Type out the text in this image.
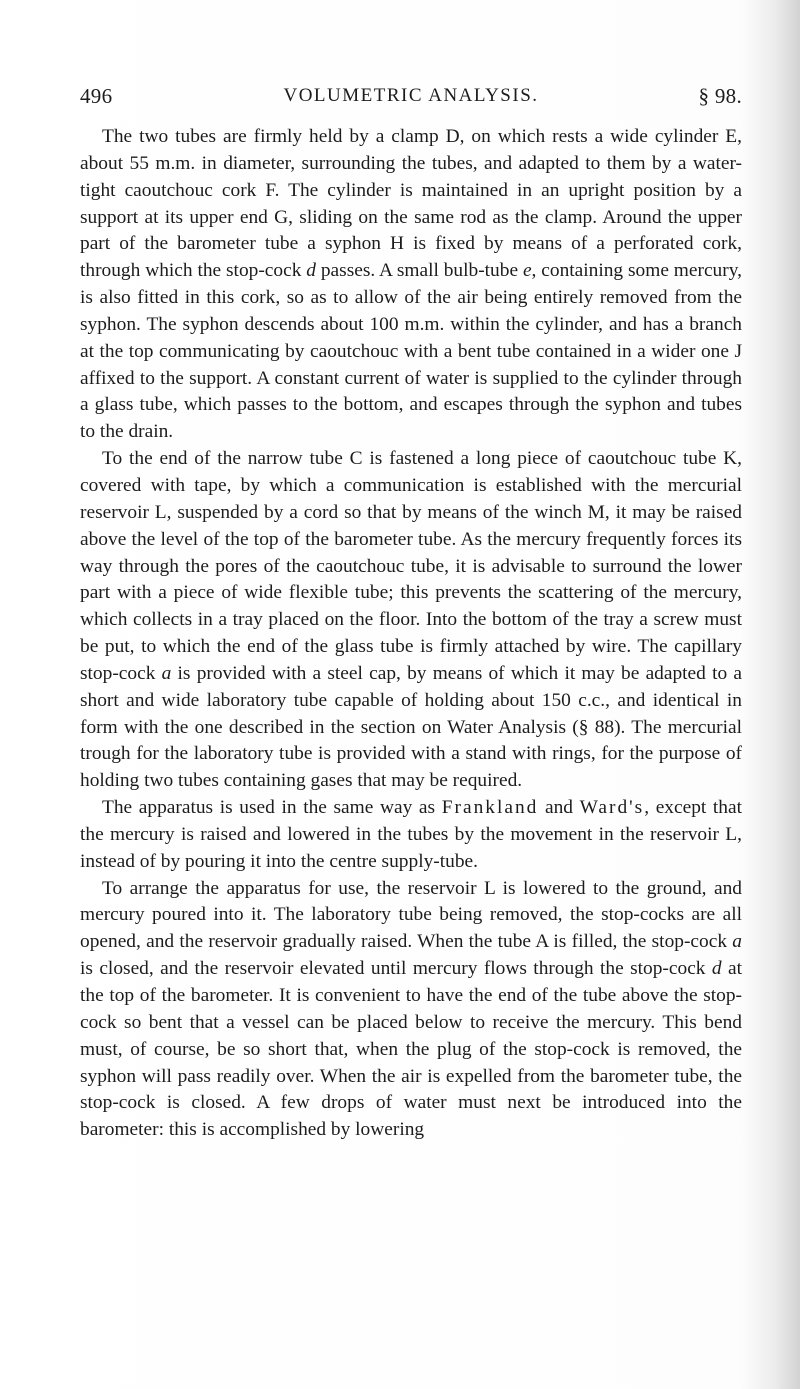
496	VOLUMETRIC ANALYSIS.	§ 98.

The two tubes are firmly held by a clamp D, on which rests a wide cylinder E, about 55 m.m. in diameter, surrounding the tubes, and adapted to them by a water-tight caoutchouc cork F. The cylinder is maintained in an upright position by a support at its upper end G, sliding on the same rod as the clamp. Around the upper part of the barometer tube a syphon H is fixed by means of a perforated cork, through which the stop-cock d passes. A small bulb-tube e, containing some mercury, is also fitted in this cork, so as to allow of the air being entirely removed from the syphon. The syphon descends about 100 m.m. within the cylinder, and has a branch at the top communicating by caoutchouc with a bent tube contained in a wider one J affixed to the support. A constant current of water is supplied to the cylinder through a glass tube, which passes to the bottom, and escapes through the syphon and tubes to the drain.

To the end of the narrow tube C is fastened a long piece of caoutchouc tube K, covered with tape, by which a communication is established with the mercurial reservoir L, suspended by a cord so that by means of the winch M, it may be raised above the level of the top of the barometer tube. As the mercury frequently forces its way through the pores of the caoutchouc tube, it is advisable to surround the lower part with a piece of wide flexible tube; this prevents the scattering of the mercury, which collects in a tray placed on the floor. Into the bottom of the tray a screw must be put, to which the end of the glass tube is firmly attached by wire. The capillary stop-cock a is provided with a steel cap, by means of which it may be adapted to a short and wide laboratory tube capable of holding about 150 c.c., and identical in form with the one described in the section on Water Analysis (§ 88). The mercurial trough for the laboratory tube is provided with a stand with rings, for the purpose of holding two tubes containing gases that may be required.

The apparatus is used in the same way as Frankland and Ward's, except that the mercury is raised and lowered in the tubes by the movement in the reservoir L, instead of by pouring it into the centre supply-tube.

To arrange the apparatus for use, the reservoir L is lowered to the ground, and mercury poured into it. The laboratory tube being removed, the stop-cocks are all opened, and the reservoir gradually raised. When the tube A is filled, the stop-cock a is closed, and the reservoir elevated until mercury flows through the stop-cock d at the top of the barometer. It is convenient to have the end of the tube above the stop-cock so bent that a vessel can be placed below to receive the mercury. This bend must, of course, be so short that, when the plug of the stop-cock is removed, the syphon will pass readily over. When the air is expelled from the barometer tube, the stop-cock is closed. A few drops of water must next be introduced into the barometer: this is accomplished by lowering
